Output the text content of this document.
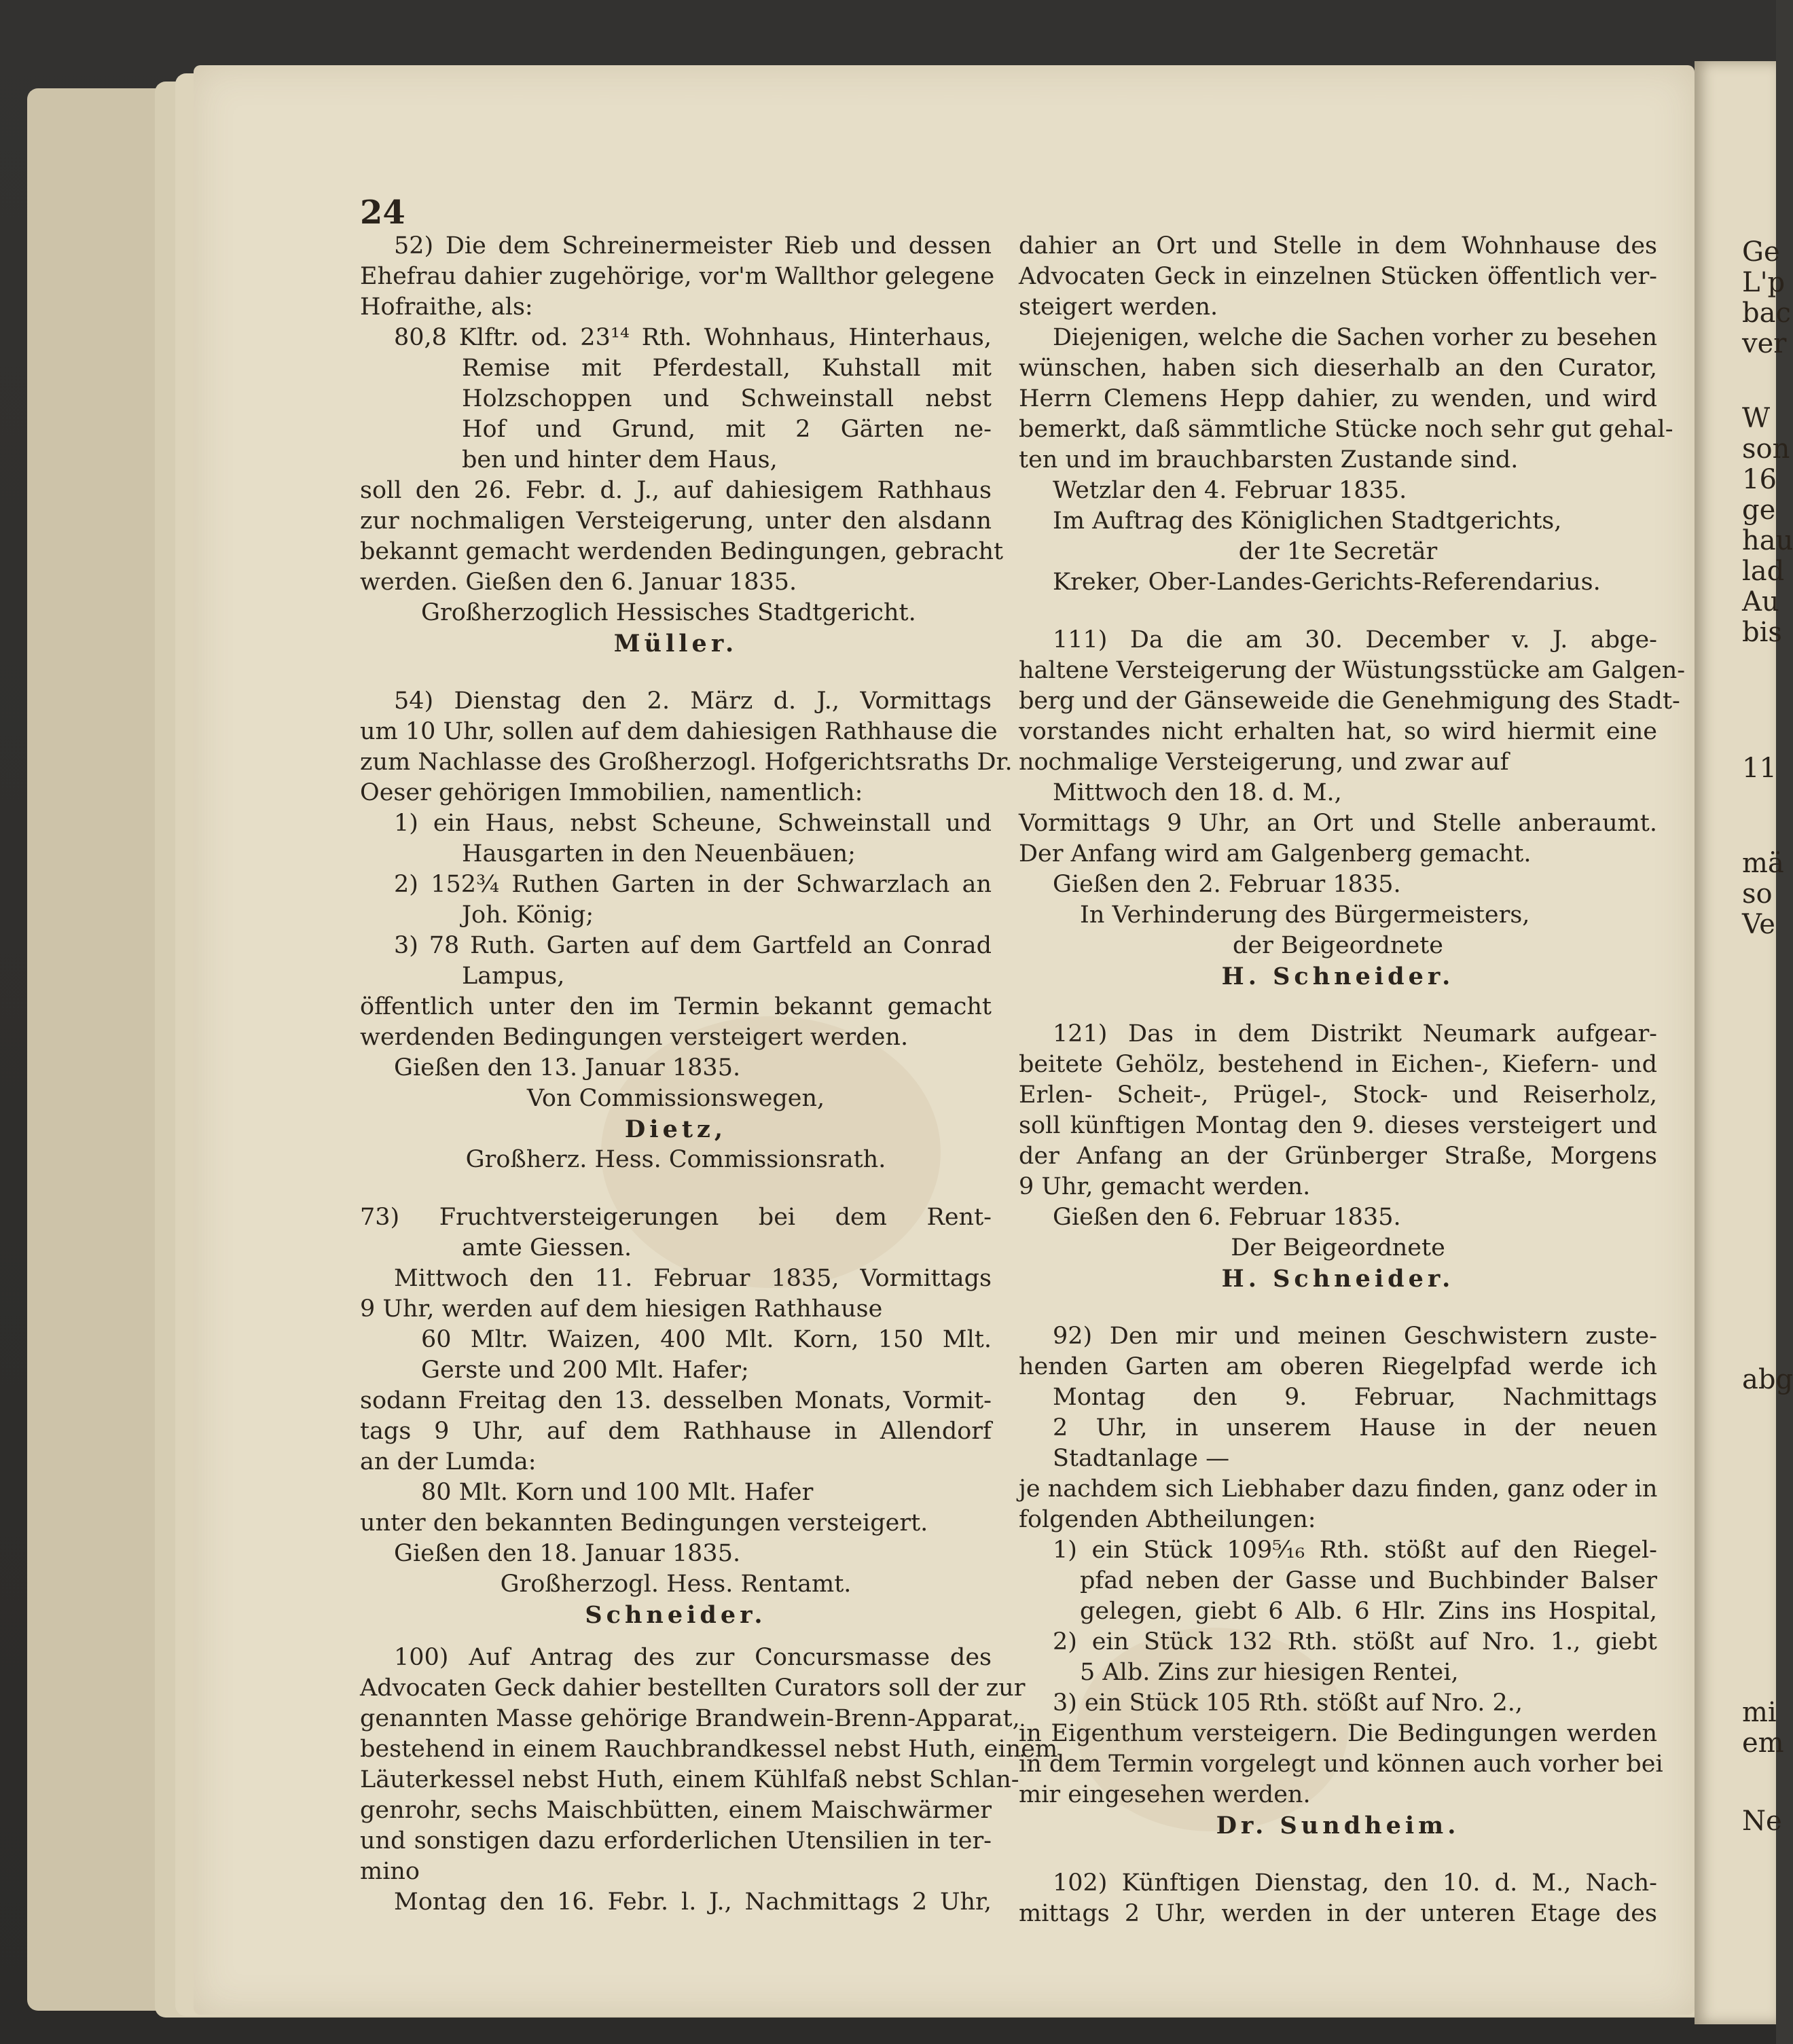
24
52) Die dem Schreinermeister Rieb und dessen
Ehefrau dahier zugehörige, vor'm Wallthor gelegene
Hofraithe, als:
80,8 Klftr. od. 23¹⁴ Rth. Wohnhaus, Hinterhaus,
Remise mit Pferdestall, Kuhstall mit
Holzschoppen und Schweinstall nebst
Hof und Grund, mit 2 Gärten ne-
ben und hinter dem Haus,
soll den 26. Febr. d. J., auf dahiesigem Rathhaus
zur nochmaligen Versteigerung, unter den alsdann
bekannt gemacht werdenden Bedingungen, gebracht
werden. Gießen den 6. Januar 1835.
Großherzoglich Hessisches Stadtgericht.
Müller.
54) Dienstag den 2. März d. J., Vormittags
um 10 Uhr, sollen auf dem dahiesigen Rathhause die
zum Nachlasse des Großherzogl. Hofgerichtsraths Dr.
Oeser gehörigen Immobilien, namentlich:
1) ein Haus, nebst Scheune, Schweinstall und
Hausgarten in den Neuenbäuen;
2) 152¾ Ruthen Garten in der Schwarzlach an
Joh. König;
3) 78 Ruth. Garten auf dem Gartfeld an Conrad
Lampus,
öffentlich unter den im Termin bekannt gemacht
werdenden Bedingungen versteigert werden.
Gießen den 13. Januar 1835.
Von Commissionswegen,
Dietz,
Großherz. Hess. Commissionsrath.
73) Fruchtversteigerungen bei dem Rent-
amte Giessen.
Mittwoch den 11. Februar 1835, Vormittags
9 Uhr, werden auf dem hiesigen Rathhause
60 Mltr. Waizen, 400 Mlt. Korn, 150 Mlt.
Gerste und 200 Mlt. Hafer;
sodann Freitag den 13. desselben Monats, Vormit-
tags 9 Uhr, auf dem Rathhause in Allendorf
an der Lumda:
80 Mlt. Korn und 100 Mlt. Hafer
unter den bekannten Bedingungen versteigert.
Gießen den 18. Januar 1835.
Großherzogl. Hess. Rentamt.
Schneider.
100) Auf Antrag des zur Concursmasse des
Advocaten Geck dahier bestellten Curators soll der zur
genannten Masse gehörige Brandwein-Brenn-Apparat,
bestehend in einem Rauchbrandkessel nebst Huth, einem
Läuterkessel nebst Huth, einem Kühlfaß nebst Schlan-
genrohr, sechs Maischbütten, einem Maischwärmer
und sonstigen dazu erforderlichen Utensilien in ter-
mino
Montag den 16. Febr. l. J., Nachmittags 2 Uhr,
dahier an Ort und Stelle in dem Wohnhause des
Advocaten Geck in einzelnen Stücken öffentlich ver-
steigert werden.
Diejenigen, welche die Sachen vorher zu besehen
wünschen, haben sich dieserhalb an den Curator,
Herrn Clemens Hepp dahier, zu wenden, und wird
bemerkt, daß sämmtliche Stücke noch sehr gut gehal-
ten und im brauchbarsten Zustande sind.
Wetzlar den 4. Februar 1835.
Im Auftrag des Königlichen Stadtgerichts,
der 1te Secretär
Kreker, Ober-Landes-Gerichts-Referendarius.
111) Da die am 30. December v. J. abge-
haltene Versteigerung der Wüstungsstücke am Galgen-
berg und der Gänseweide die Genehmigung des Stadt-
vorstandes nicht erhalten hat, so wird hiermit eine
nochmalige Versteigerung, und zwar auf
Mittwoch den 18. d. M.,
Vormittags 9 Uhr, an Ort und Stelle anberaumt.
Der Anfang wird am Galgenberg gemacht.
Gießen den 2. Februar 1835.
In Verhinderung des Bürgermeisters,
der Beigeordnete
H. Schneider.
121) Das in dem Distrikt Neumark aufgear-
beitete Gehölz, bestehend in Eichen-, Kiefern- und
Erlen- Scheit-, Prügel-, Stock- und Reiserholz,
soll künftigen Montag den 9. dieses versteigert und
der Anfang an der Grünberger Straße, Morgens
9 Uhr, gemacht werden.
Gießen den 6. Februar 1835.
Der Beigeordnete
H. Schneider.
92) Den mir und meinen Geschwistern zuste-
henden Garten am oberen Riegelpfad werde ich
Montag den 9. Februar, Nachmittags
2 Uhr, in unserem Hause in der neuen
Stadtanlage —
je nachdem sich Liebhaber dazu finden, ganz oder in
folgenden Abtheilungen:
1) ein Stück 109⁵⁄₁₆ Rth. stößt auf den Riegel-
pfad neben der Gasse und Buchbinder Balser
gelegen, giebt 6 Alb. 6 Hlr. Zins ins Hospital,
2) ein Stück 132 Rth. stößt auf Nro. 1., giebt
5 Alb. Zins zur hiesigen Rentei,
3) ein Stück 105 Rth. stößt auf Nro. 2.,
in Eigenthum versteigern. Die Bedingungen werden
in dem Termin vorgelegt und können auch vorher bei
mir eingesehen werden.
Dr. Sundheim.
102) Künftigen Dienstag, den 10. d. M., Nach-
mittags 2 Uhr, werden in der unteren Etage des
Ge
L'p
bac
ver
W
son
16
ge
hau
lad
Au
bis
11
mä
so
Ve
abg
mi
em
Ne
